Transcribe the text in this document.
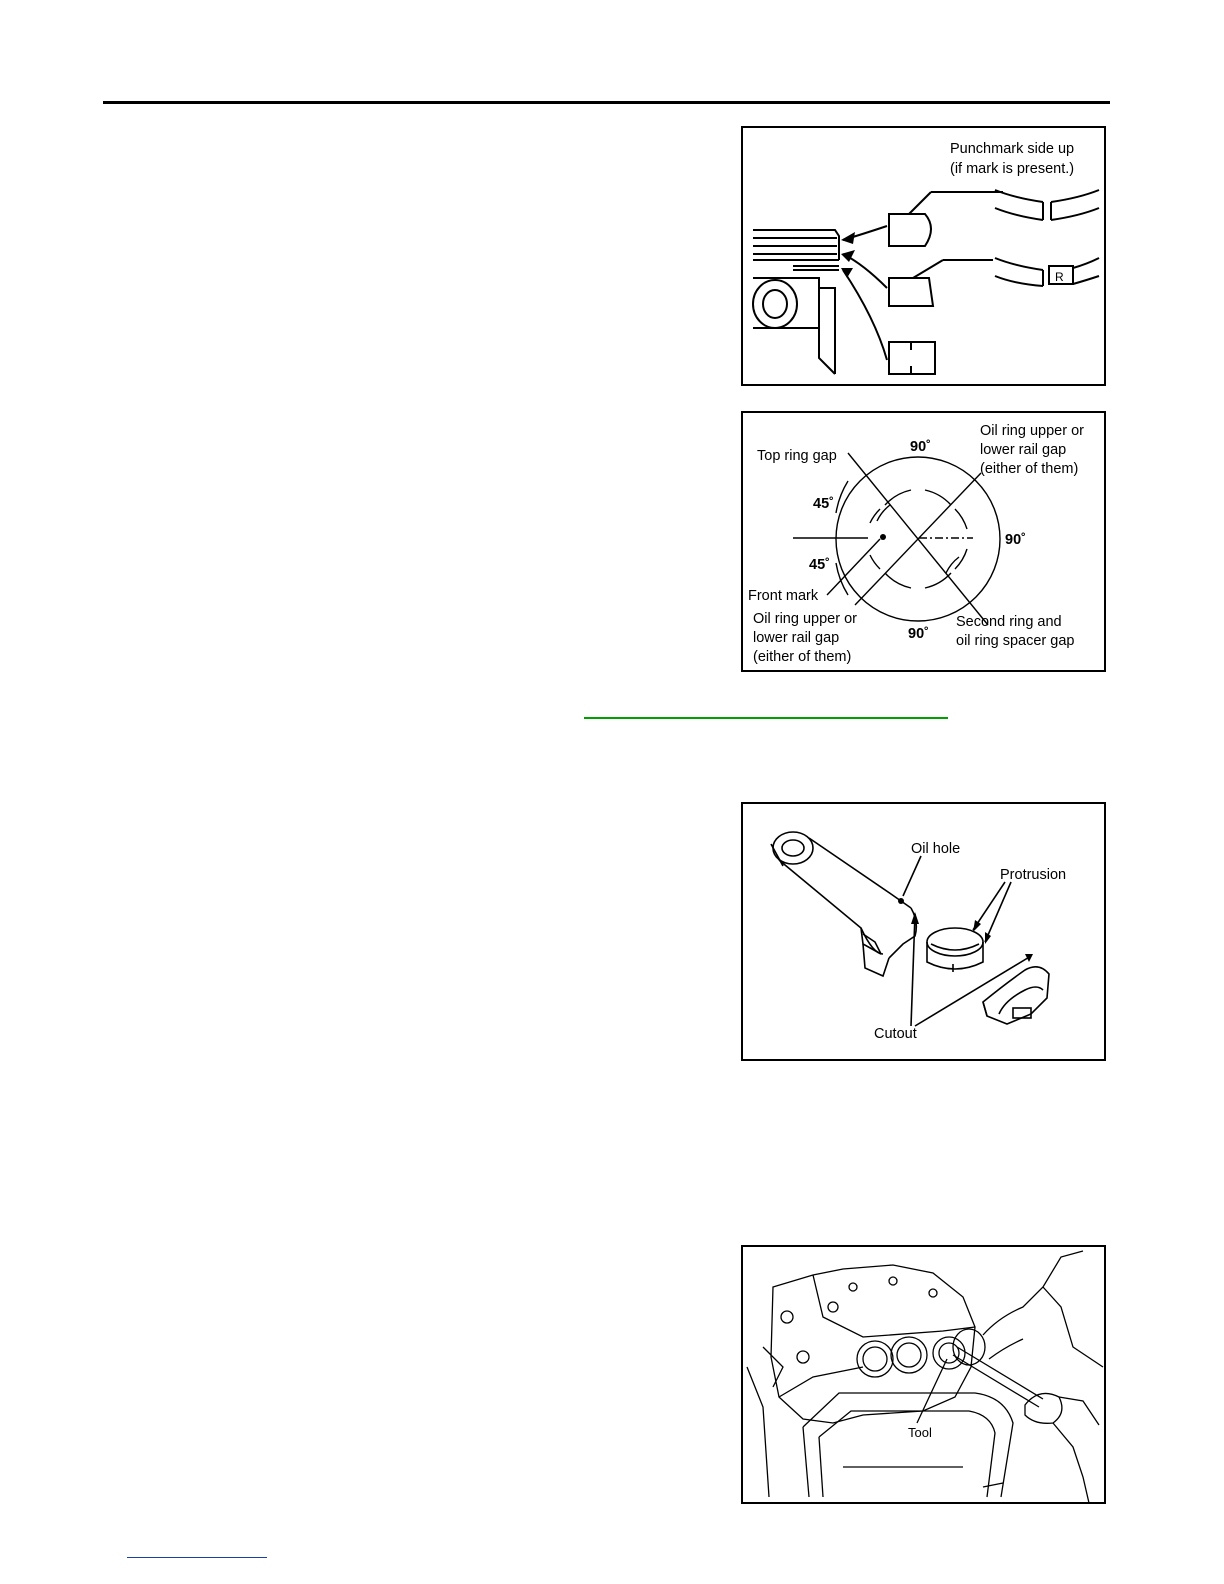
Punchmark side up
(if mark is present.)
R
Top ring gap
Oil ring upper or
lower rail gap
(either of them)
90˚
45˚
90˚
45˚
Front mark
Oil ring upper or
lower rail gap
(either of them)
90˚
Second ring and
oil ring spacer gap
Oil hole
Protrusion
Cutout
Tool
